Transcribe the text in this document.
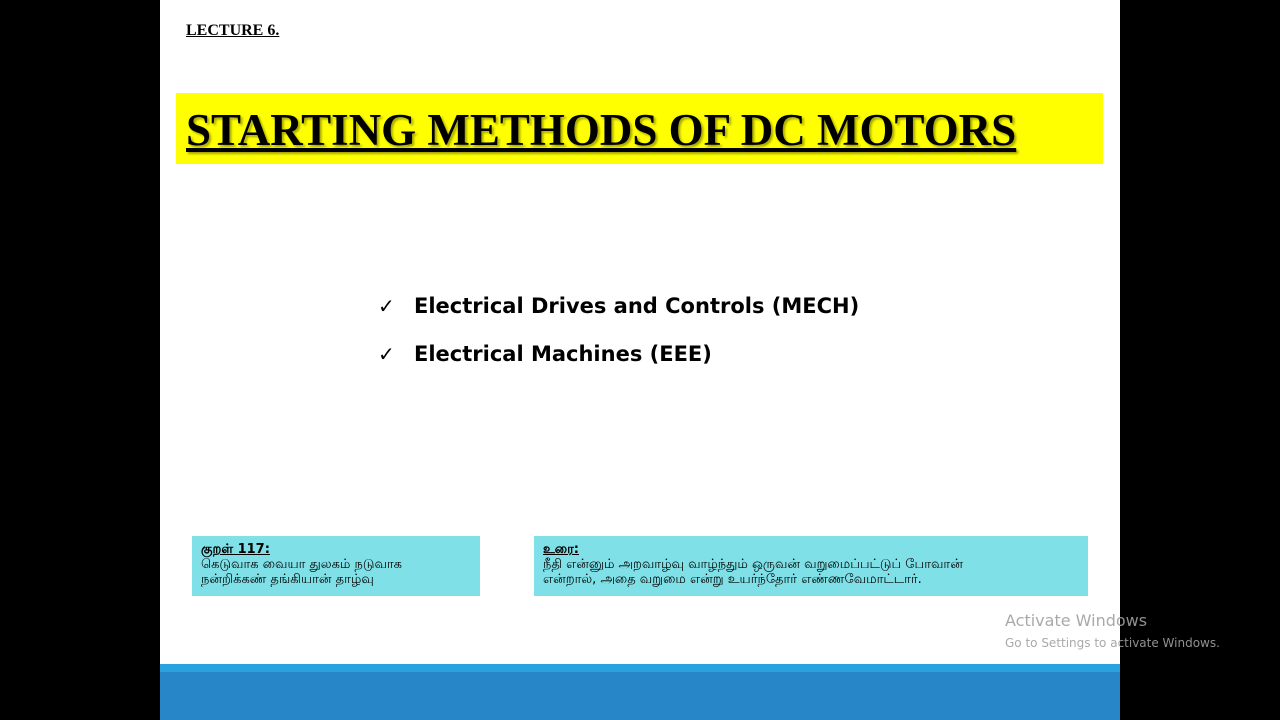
LECTURE 6.
STARTING METHODS OF DC MOTORS
✓ Electrical Drives and Controls (MECH)
✓ Electrical Machines (EEE)
குறள் 117:
கெடுவாக வையா துலகம் நடுவாக
நன்றிக்கண் தங்கியான் தாழ்வு
உரை:
நீதி என்னும் அறவாழ்வு வாழ்ந்தும் ஒருவன் வறுமைப்பட்டுப் போவான்
என்றால், அதை வறுமை என்று உயர்ந்தோர் எண்ணவேமாட்டார்.
Activate Windows
Go to Settings to activate Windows.
